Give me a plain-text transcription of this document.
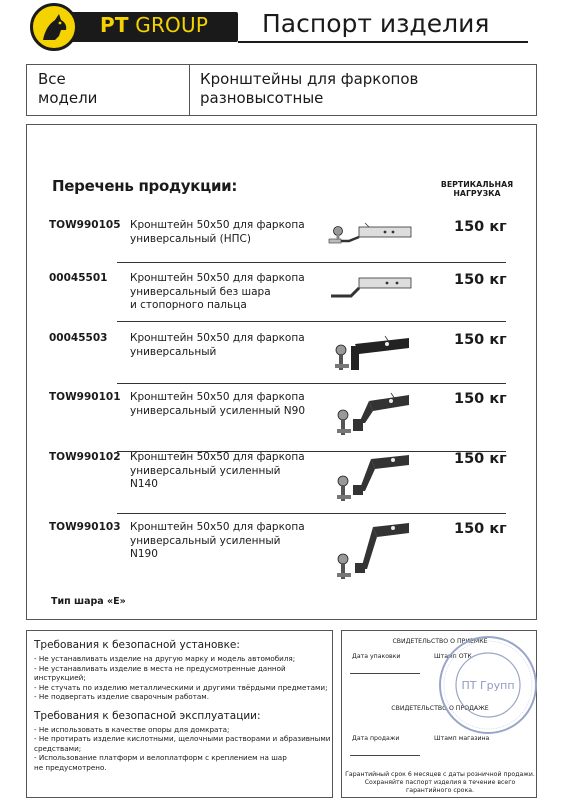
PT GROUP Паспорт изделия
Все
модели
Кронштейны для фаркопов
разновысотные
Перечень продукции:	ВЕРТИКАЛЬНАЯ
НАГРУЗКА
TOW990105 Кронштейн 50х50 для фаркопа
универсальный (НПС)
150 кг
00045501 Кронштейн 50х50 для фаркопа
универсальный без шара
и стопорного пальца
150 кг
00045503 Кронштейн 50х50 для фаркопа
универсальный
150 кг
TOW990101 Кронштейн 50х50 для фаркопа
универсальный усиленный N90
150 кг
TOW990102 Кронштейн 50х50 для фаркопа
универсальный усиленный N140
150 кг
TOW990103 Кронштейн 50х50 для фаркопа
универсальный усиленный N190
150 кг
Тип шара «E»
Требования к безопасной установке:
- Не устанавливать изделие на другую марку и модель автомобиля;
- Не устанавливать изделие в места не предусмотренные данной инструкцией;
- Не стучать по изделию металлическими и другими твёрдыми предметами;
- Не подвергать изделие сварочным работам.
Требования к безопасной эксплуатации:
- Не использовать в качестве опоры для домкрата;
- Не протирать изделие кислотными, щелочными растворами и абразивными
средствами;
- Использование платформ и велоплатформ с креплением на шар
не предусмотрено.
СВИДЕТЕЛЬСТВО О ПРИЕМКЕ
Дата упаковки	Штамп ОТК
СВИДЕТЕЛЬСТВО О ПРОДАЖЕ
Дата продажи	Штамп магазина
Гарантийный срок 6 месяцев с даты розничной продажи.
Сохраняйте паспорт изделия в течение всего гарантийного срока.
ПТ Групп
